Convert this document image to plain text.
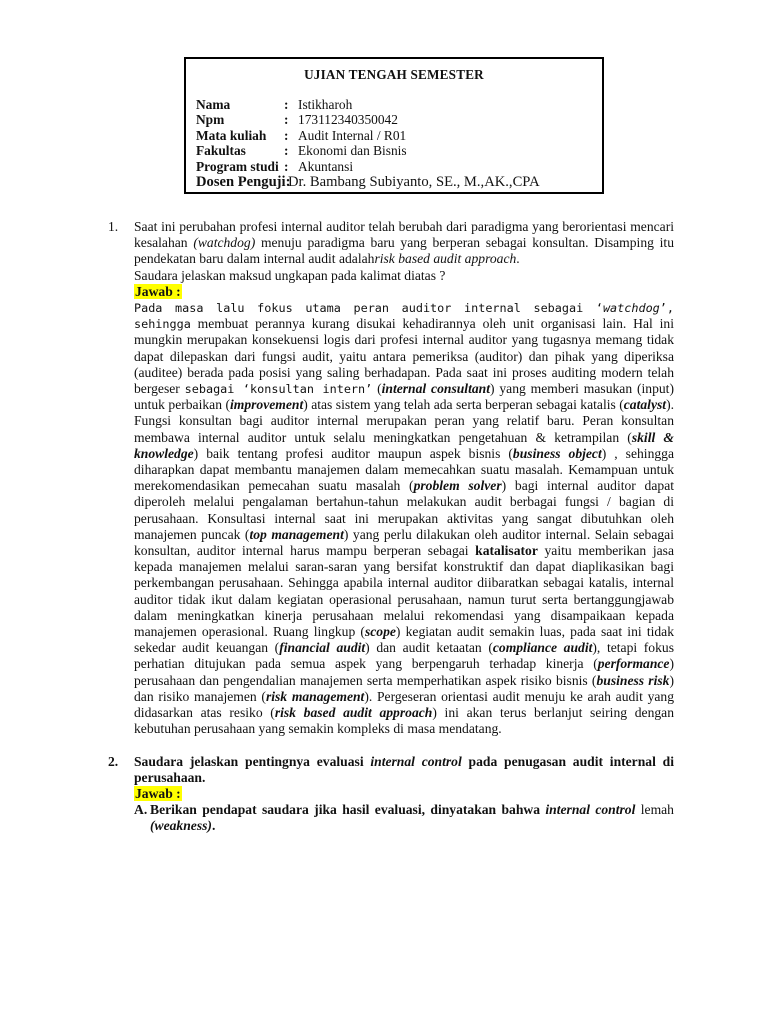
UJIAN TENGAH SEMESTER
Nama	: Istikharoh
Npm	: 173112340350042
Mata kuliah	: Audit Internal / R01
Fakultas	: Ekonomi dan Bisnis
Program studi : Akuntansi
Dosen Penguji:
Dr. Bambang Subiyanto, SE., M.,AK.,CPA
1.	Saat ini perubahan profesi internal auditor telah berubah dari paradigma yang berorientasi mencari kesalahan (watchdog) menuju paradigma baru yang berperan sebagai konsultan. Disamping itu pendekatan baru dalam internal audit adalahrisk based audit approach.

Saudara jelaskan maksud ungkapan pada kalimat diatas ?

Jawab :

Pada masa lalu fokus utama peran auditor internal sebagai ‘watchdog’, sehingga membuat perannya kurang disukai kehadirannya oleh unit organisasi lain. Hal ini mungkin merupakan konsekuensi logis dari profesi internal auditor yang tugasnya memang tidak dapat dilepaskan dari fungsi audit, yaitu antara pemeriksa (auditor) dan pihak yang diperiksa (auditee) berada pada posisi yang saling berhadapan. Pada saat ini proses auditing modern telah bergeser sebagai ‘konsultan intern’ (internal consultant) yang memberi masukan (input) untuk perbaikan (improvement) atas sistem yang telah ada serta berperan sebagai katalis (catalyst). Fungsi konsultan bagi auditor internal merupakan peran yang relatif baru. Peran konsultan membawa internal auditor untuk selalu meningkatkan pengetahuan & ketrampilan (skill & knowledge) baik tentang profesi auditor maupun aspek bisnis (business object) , sehingga diharapkan dapat membantu manajemen dalam memecahkan suatu masalah. Kemampuan untuk merekomendasikan pemecahan suatu masalah (problem solver) bagi internal auditor dapat diperoleh melalui pengalaman bertahun-tahun melakukan audit berbagai fungsi / bagian di perusahaan. Konsultasi internal saat ini merupakan aktivitas yang sangat dibutuhkan oleh manajemen puncak (top management) yang perlu dilakukan oleh auditor internal. Selain sebagai konsultan, auditor internal harus mampu berperan sebagai katalisator yaitu memberikan jasa kepada manajemen melalui saran-saran yang bersifat konstruktif dan dapat diaplikasikan bagi perkembangan perusahaan. Sehingga apabila internal auditor diibaratkan sebagai katalis, internal auditor tidak ikut dalam kegiatan operasional perusahaan, namun turut serta bertanggungjawab dalam meningkatkan kinerja perusahaan melalui rekomendasi yang disampaikaan kepada manajemen operasional. Ruang lingkup (scope) kegiatan audit semakin luas, pada saat ini tidak sekedar audit keuangan (financial audit) dan audit ketaatan (compliance audit), tetapi fokus perhatian ditujukan pada semua aspek yang berpengaruh terhadap kinerja (performance) perusahaan dan pengendalian manajemen serta memperhatikan aspek risiko bisnis (business risk) dan risiko manajemen (risk management). Pergeseran orientasi audit menuju ke arah audit yang didasarkan atas resiko (risk based audit approach) ini akan terus berlanjut seiring dengan kebutuhan perusahaan yang semakin kompleks di masa mendatang.

2.	Saudara jelaskan pentingnya evaluasi internal control pada penugasan audit internal di perusahaan.

Jawab :

A. Berikan pendapat saudara jika hasil evaluasi, dinyatakan bahwa internal control lemah (weakness).
